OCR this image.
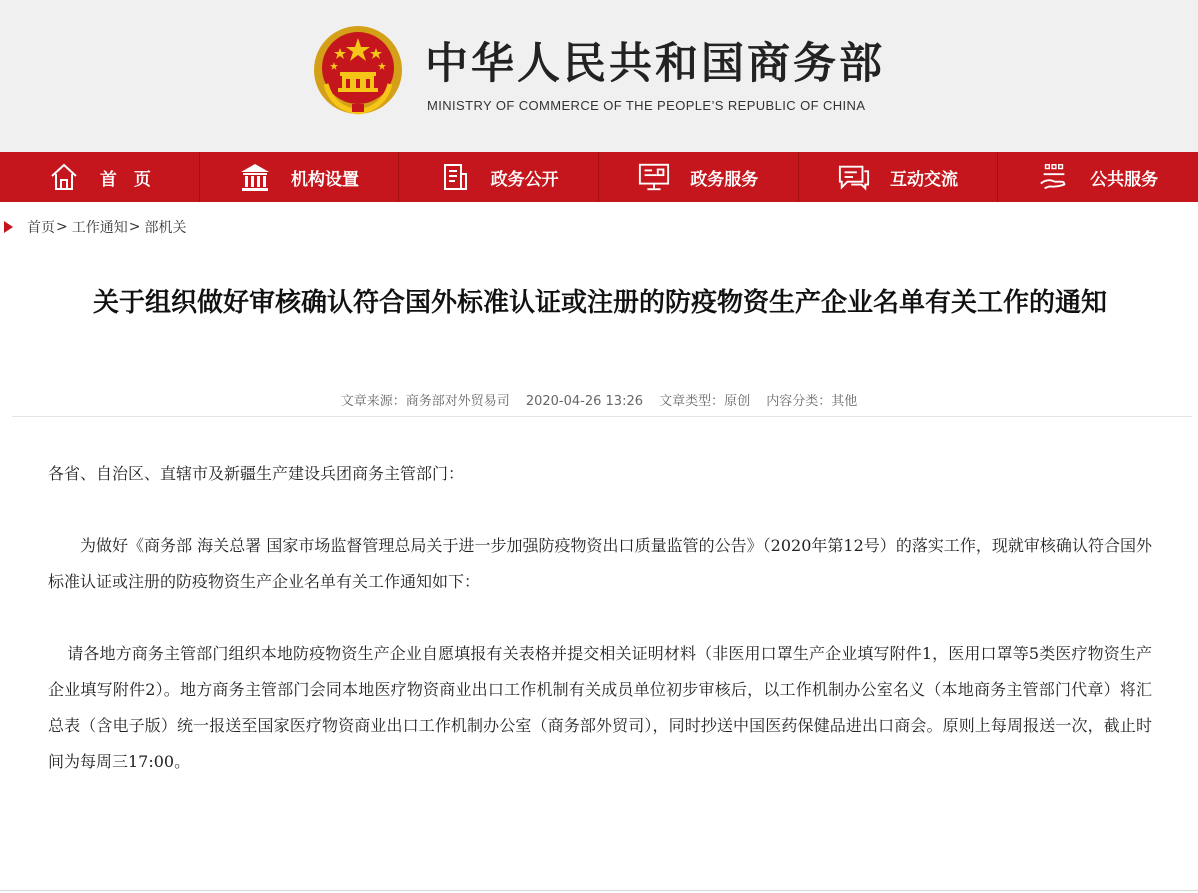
中华人民共和国商务部
MINISTRY OF COMMERCE OF THE PEOPLE’S REPUBLIC OF CHINA
首　页	机构设置	政务公开	政务服务	互动交流	公共服务
首页 > 工作通知 > 部机关
关于组织做好审核确认符合国外标准认证或注册的防疫物资生产企业名单有关工作的通知
文章来源：商务部对外贸易司 2020-04-26 13:26 文章类型：原创 内容分类：其他

各省、自治区、直辖市及新疆生产建设兵团商务主管部门：

为做好《商务部 海关总署 国家市场监督管理总局关于进一步加强防疫物资出口质量监管的公告》（2020年第12号）的落实工作，现就审核确认符合国外标准认证或注册的防疫物资生产企业名单有关工作通知如下：

请各地方商务主管部门组织本地防疫物资生产企业自愿填报有关表格并提交相关证明材料（非医用口罩生产企业填写附件1，医用口罩等5类医疗物资生产企业填写附件2）。地方商务主管部门会同本地医疗物资商业出口工作机制有关成员单位初步审核后，以工作机制办公室名义（本地商务主管部门代章）将汇总表（含电子版）统一报送至国家医疗物资商业出口工作机制办公室（商务部外贸司），同时抄送中国医药保健品进出口商会。原则上每周报送一次，截止时间为每周三17:00。
